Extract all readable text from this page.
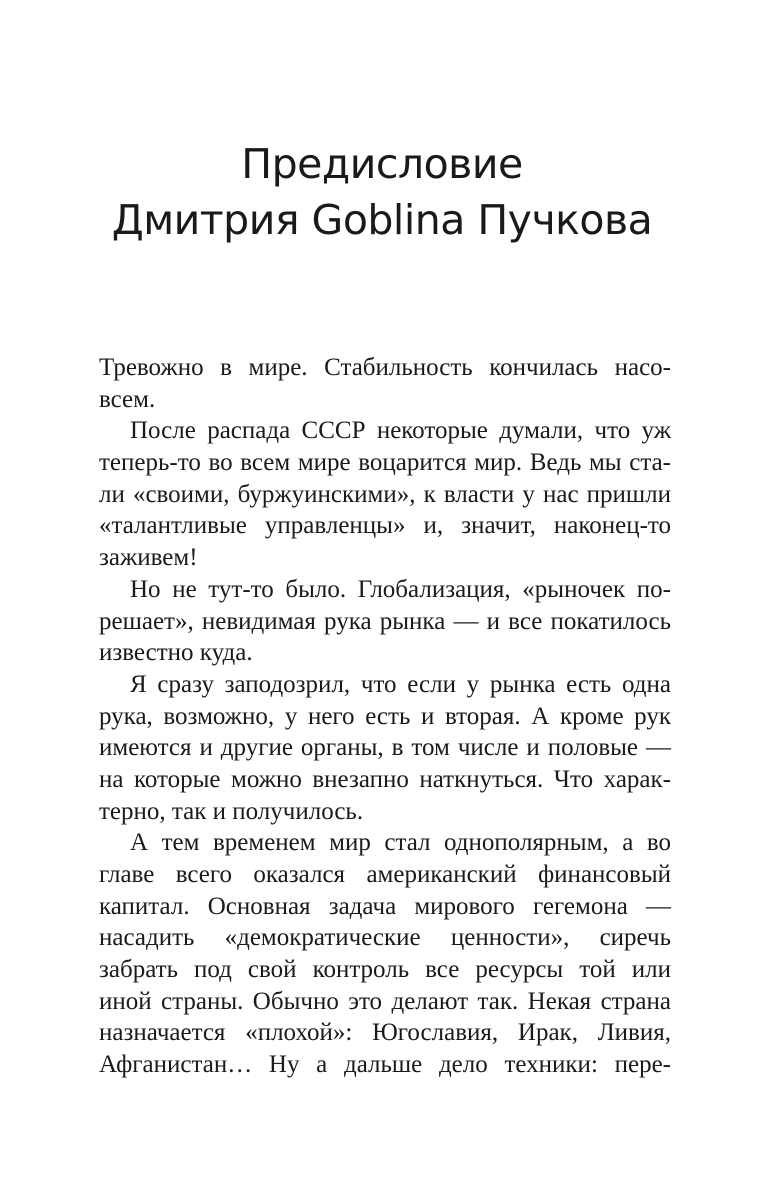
Предисловие
Дмитрия Goblina Пучкова
Тревожно в мире. Стабильность кончилась насо-
всем.
После распада СССР некоторые думали, что уж
теперь-то во всем мире воцарится мир. Ведь мы ста-
ли «своими, буржуинскими», к власти у нас пришли
«талантливые управленцы» и, значит, наконец-то
заживем!
Но не тут-то было. Глобализация, «рыночек по-
решает», невидимая рука рынка — и все покатилось
известно куда.
Я сразу заподозрил, что если у рынка есть одна
рука, возможно, у него есть и вторая. А кроме рук
имеются и другие органы, в том числе и половые —
на которые можно внезапно наткнуться. Что харак-
терно, так и получилось.
А тем временем мир стал однополярным, а во
главе всего оказался американский финансовый
капитал. Основная задача мирового гегемона —
насадить «демократические ценности», сиречь
забрать под свой контроль все ресурсы той или
иной страны. Обычно это делают так. Некая страна
назначается «плохой»: Югославия, Ирак, Ливия,
Афганистан… Ну а дальше дело техники: пере-
